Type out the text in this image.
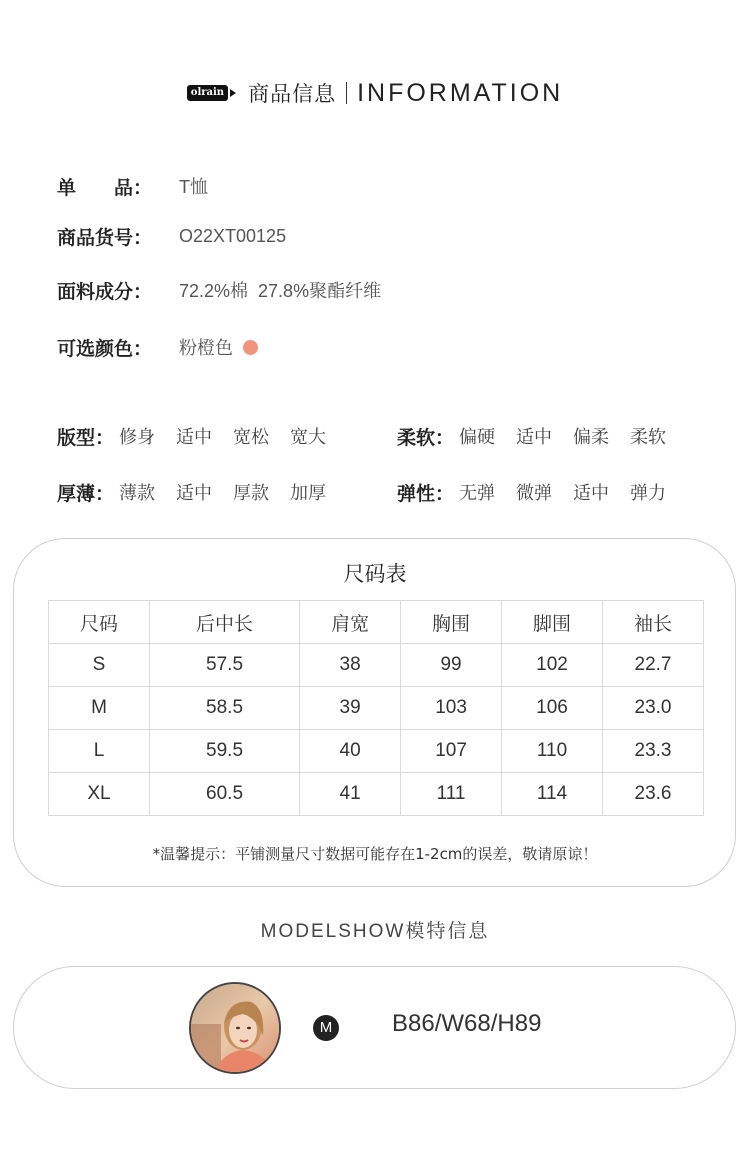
olrain 商品信息 INFORMATION
单　　品：	T恤
商品货号：	O22XT00125
面料成分：	72.2%棉  27.8%聚酯纤维
可选颜色：	粉橙色
版型： 修身 适中 宽松 宽大	柔软： 偏硬 适中 偏柔 柔软
厚薄： 薄款 适中 厚款 加厚	弹性： 无弹 微弹 适中 弹力
尺码表
尺码	后中长	肩宽	胸围	脚围	袖长
S	57.5	38	99	102	22.7
M	58.5	39	103	106	23.0
L	59.5	40	107	110	23.3
XL	60.5	41	111	114	23.6
*温馨提示：平铺测量尺寸数据可能存在1-2cm的误差，敬请原谅！
MODELSHOW模特信息
M B86/W68/H89
